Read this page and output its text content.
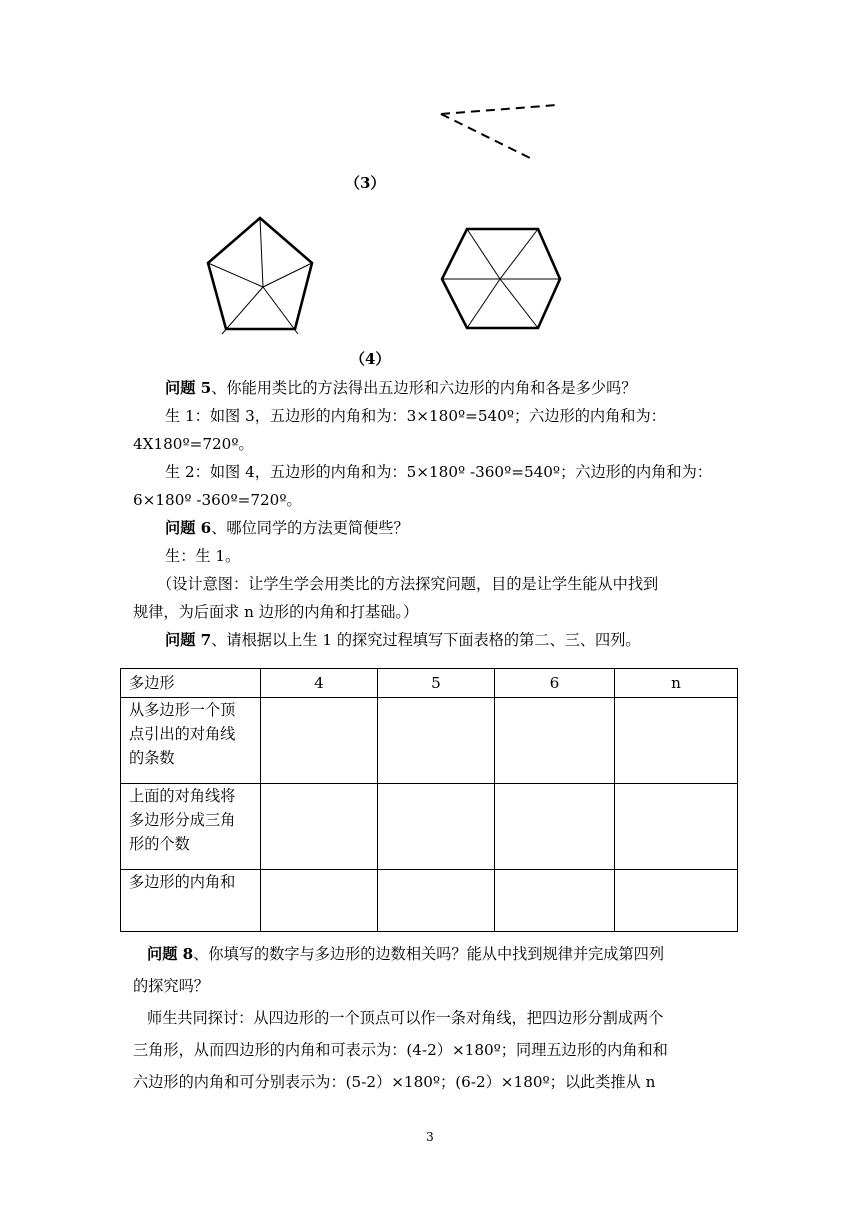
（3）
（4）

问题 5、你能用类比的方法得出五边形和六边形的内角和各是多少吗？

生 1：如图 3，五边形的内角和为：3×180º=540º；六边形的内角和为：

4X180º=720º。

生 2：如图 4，五边形的内角和为：5×180º -360º=540º；六边形的内角和为：

6×180º -360º=720º。

问题 6、哪位同学的方法更简便些？

生：生 1。

（设计意图：让学生学会用类比的方法探究问题，目的是让学生能从中找到

规律，为后面求 n 边形的内角和打基础。）

问题 7、请根据以上生 1 的探究过程填写下面表格的第二、三、四列。

多边形	4	5	6	n

从多边形一个顶
点引出的对角线
的条数				

上面的对角线将
多边形分成三角
形的个数				

多边形的内角和				

问题 8、你填写的数字与多边形的边数相关吗？能从中找到规律并完成第四列

的探究吗？

师生共同探讨：从四边形的一个顶点可以作一条对角线，把四边形分割成两个

三角形，从而四边形的内角和可表示为：(4-2）×180º；同理五边形的内角和和

六边形的内角和可分别表示为：(5-2）×180º；(6-2）×180º；以此类推从 n

3
